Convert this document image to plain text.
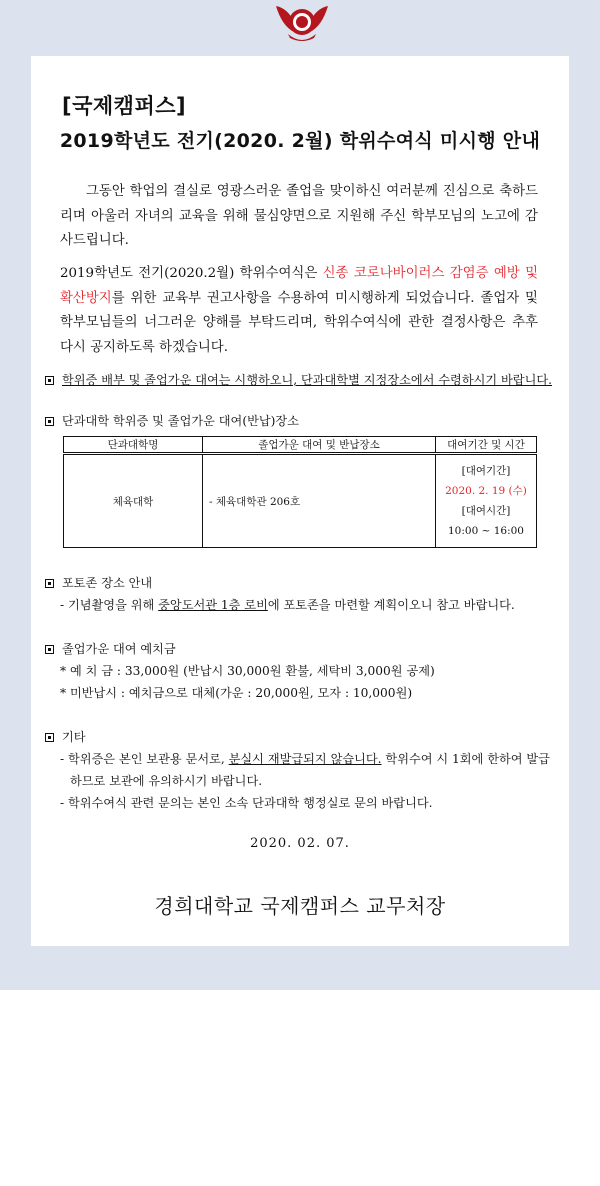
[국제캠퍼스]
2019학년도 전기(2020. 2월) 학위수여식 미시행 안내
그동안 학업의 결실로 영광스러운 졸업을 맞이하신 여러분께 진심으로 축하드리며 아울러 자녀의 교육을 위해 물심양면으로 지원해 주신 학부모님의 노고에 감사드립니다.
2019학년도 전기(2020.2월) 학위수여식은 신종 코로나바이러스 감염증 예방 및 확산방지를 위한 교육부 권고사항을 수용하여 미시행하게 되었습니다. 졸업자 및 학부모님들의 너그러운 양해를 부탁드리며, 학위수여식에 관한 결정사항은 추후 다시 공지하도록 하겠습니다.
학위증 배부 및 졸업가운 대여는 시행하오니, 단과대학별 지정장소에서 수령하시기 바랍니다.
단과대학 학위증 및 졸업가운 대여(반납)장소
단과대학명	졸업가운 대여 및 반납장소	대여기간 및 시간
체육대학	- 체육대학관 206호	[대여기간]
2020. 2. 19 (수)
[대여시간]
10:00 ~ 16:00
포토존 장소 안내
- 기념촬영을 위해 중앙도서관 1층 로비에 포토존을 마련할 계획이오니 참고 바랍니다.
졸업가운 대여 예치금
* 예 치 금 : 33,000원 (반납시 30,000원 환불, 세탁비 3,000원 공제)
* 미반납시 : 예치금으로 대체(가운 : 20,000원, 모자 : 10,000원)
기타
- 학위증은 본인 보관용 문서로, 분실시 재발급되지 않습니다. 학위수여 시 1회에 한하여 발급
하므로 보관에 유의하시기 바랍니다.
- 학위수여식 관련 문의는 본인 소속 단과대학 행정실로 문의 바랍니다.
2020. 02. 07.
경희대학교 국제캠퍼스 교무처장
